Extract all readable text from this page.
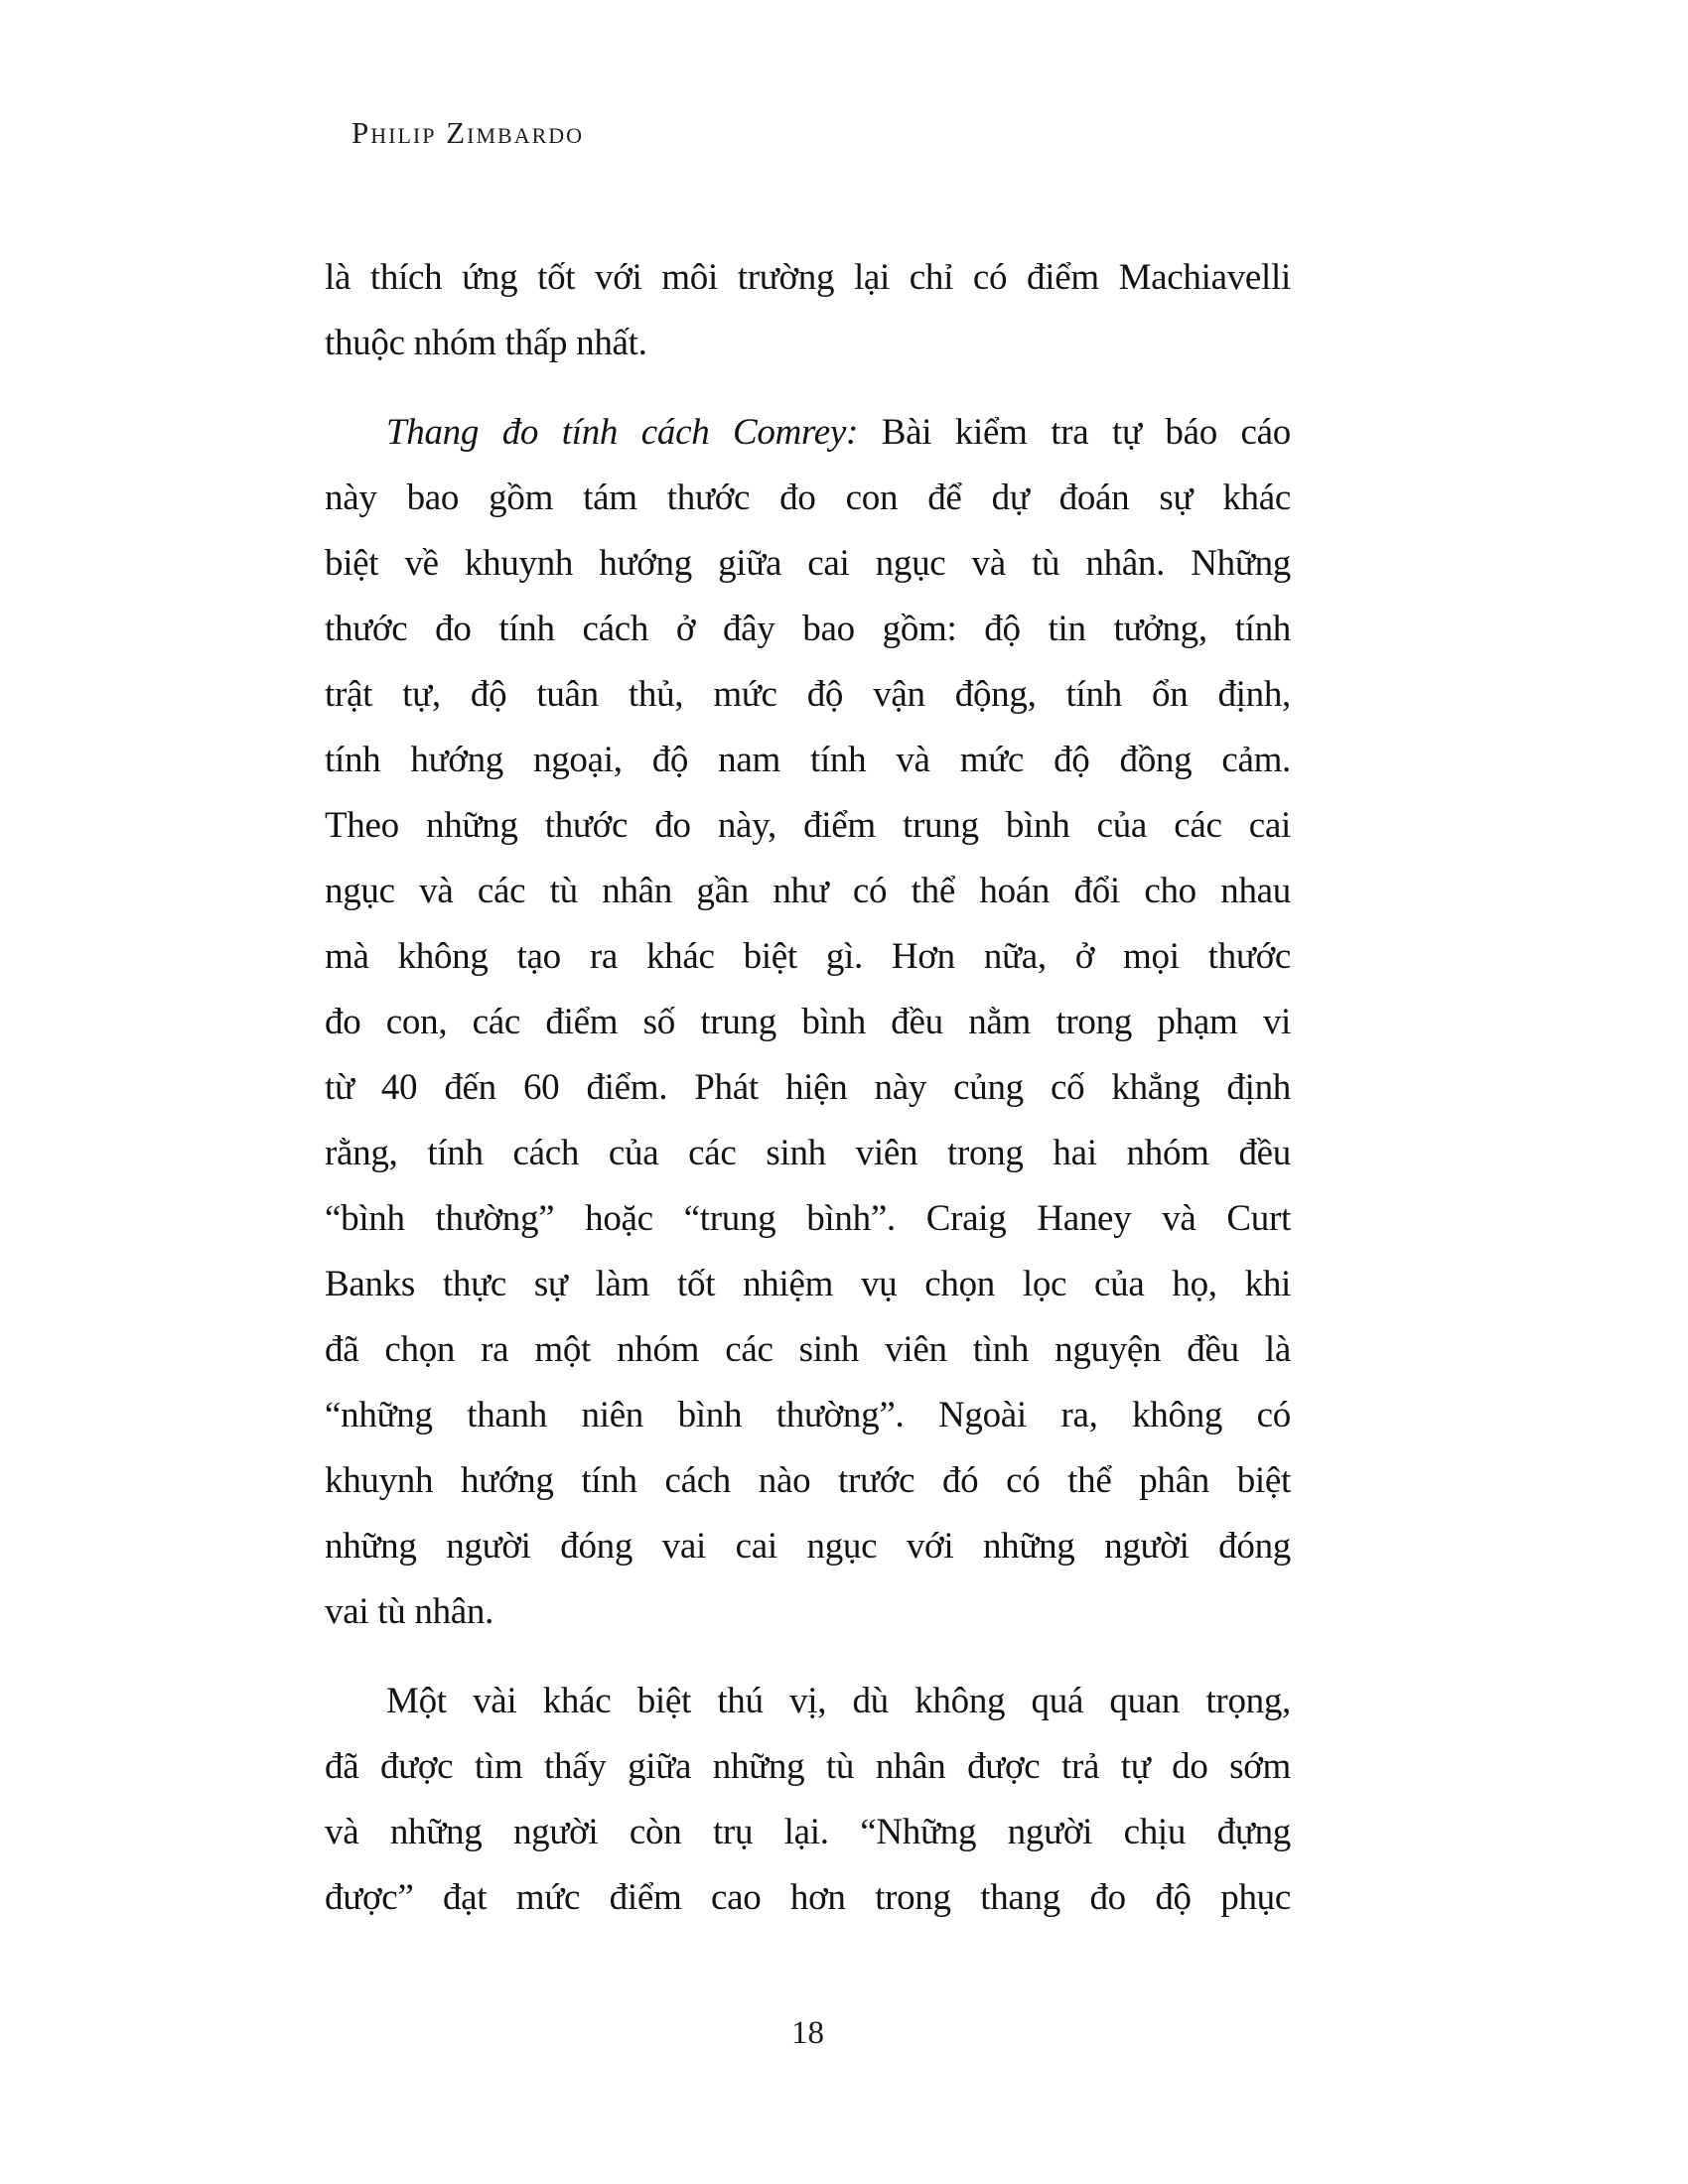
Philip Zimbardo
là thích ứng tốt với môi trường lại chỉ có điểm Machiavelli
thuộc nhóm thấp nhất.
Thang đo tính cách Comrey: Bài kiểm tra tự báo cáo
này bao gồm tám thước đo con để dự đoán sự khác
biệt về khuynh hướng giữa cai ngục và tù nhân. Những
thước đo tính cách ở đây bao gồm: độ tin tưởng, tính
trật tự, độ tuân thủ, mức độ vận động, tính ổn định,
tính hướng ngoại, độ nam tính và mức độ đồng cảm.
Theo những thước đo này, điểm trung bình của các cai
ngục và các tù nhân gần như có thể hoán đổi cho nhau
mà không tạo ra khác biệt gì. Hơn nữa, ở mọi thước
đo con, các điểm số trung bình đều nằm trong phạm vi
từ 40 đến 60 điểm. Phát hiện này củng cố khẳng định
rằng, tính cách của các sinh viên trong hai nhóm đều
“bình thường” hoặc “trung bình”. Craig Haney và Curt
Banks thực sự làm tốt nhiệm vụ chọn lọc của họ, khi
đã chọn ra một nhóm các sinh viên tình nguyện đều là
“những thanh niên bình thường”. Ngoài ra, không có
khuynh hướng tính cách nào trước đó có thể phân biệt
những người đóng vai cai ngục với những người đóng
vai tù nhân.
Một vài khác biệt thú vị, dù không quá quan trọng,
đã được tìm thấy giữa những tù nhân được trả tự do sớm
và những người còn trụ lại. “Những người chịu đựng
được” đạt mức điểm cao hơn trong thang đo độ phục
18
